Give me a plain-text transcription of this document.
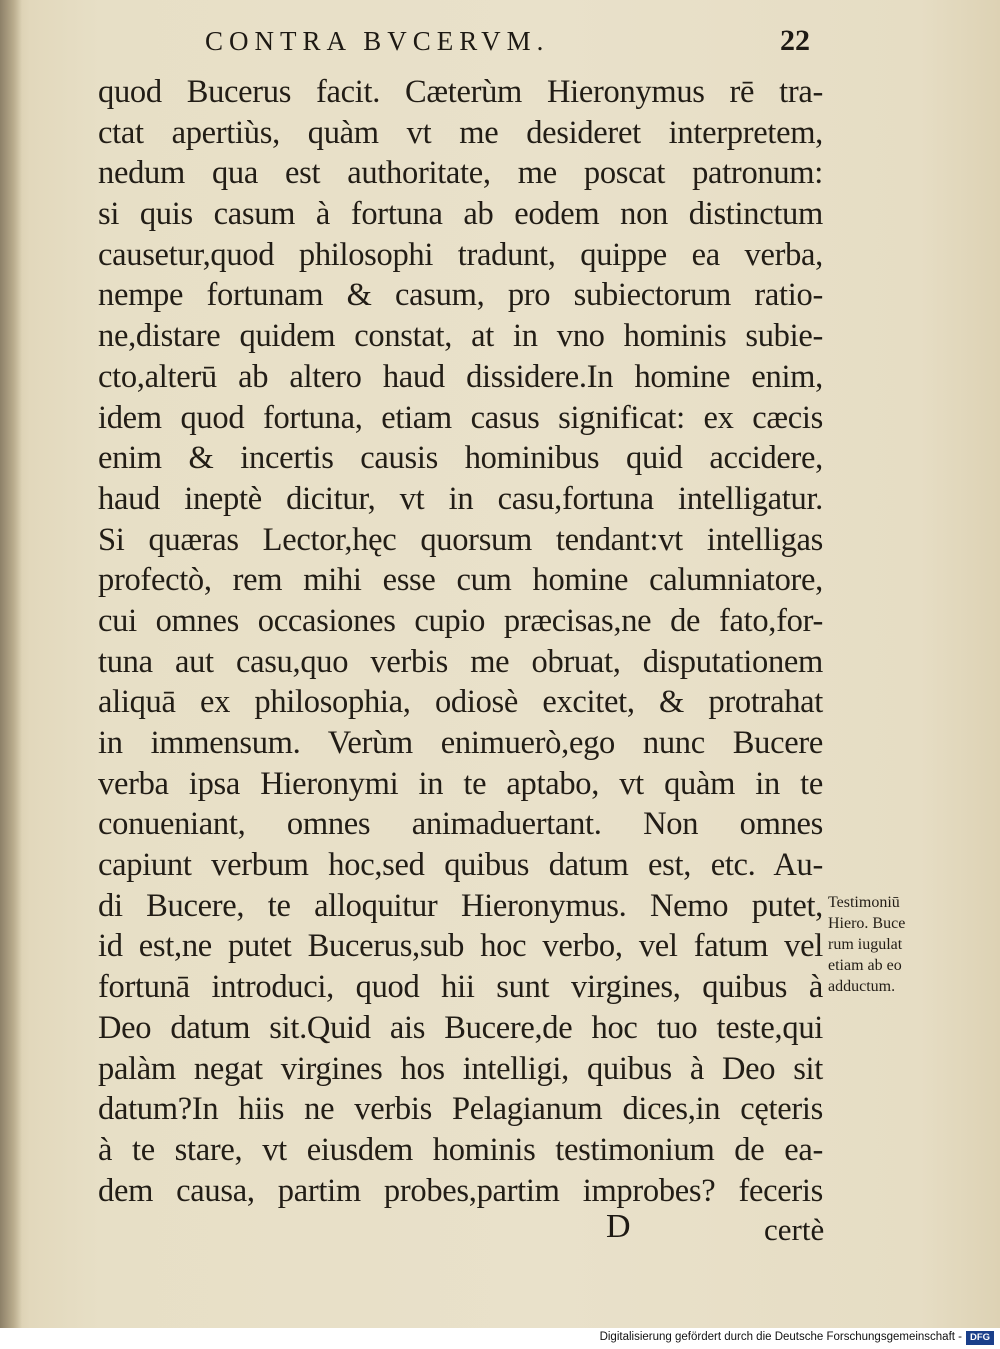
CONTRA BVCERVM.	22
quod Bucerus facit. Cæterùm Hieronymus rē tra-
ctat apertiùs, quàm vt me desideret interpretem,
nedum qua est authoritate, me poscat patronum:
si quis casum à fortuna ab eodem non distinctum
causetur,quod philosophi tradunt, quippe ea verba,
nempe fortunam & casum, pro subiectorum ratio-
ne,distare quidem constat, at in vno hominis subie-
cto,alterū ab altero haud dissidere.In homine enim,
idem quod fortuna, etiam casus significat: ex cæcis
enim & incertis causis hominibus quid accidere,
haud ineptè dicitur, vt in casu,fortuna intelligatur.
Si quæras Lector,hęc quorsum tendant:vt intelligas
profectò, rem mihi esse cum homine calumniatore,
cui omnes occasiones cupio præcisas,ne de fato,for-
tuna aut casu,quo verbis me obruat, disputationem
aliquā ex philosophia, odiosè excitet, & protrahat
in immensum. Verùm enimuerò,ego nunc Bucere
verba ipsa Hieronymi in te aptabo, vt quàm in te
conueniant, omnes animaduertant. Non omnes
capiunt verbum hoc,sed quibus datum est, etc. Au-
di Bucere, te alloquitur Hieronymus. Nemo putet,
id est,ne putet Bucerus,sub hoc verbo, vel fatum vel
fortunā introduci, quod hii sunt virgines, quibus à
Deo datum sit.Quid ais Bucere,de hoc tuo teste,qui
palàm negat virgines hos intelligi, quibus à Deo sit
datum?In hiis ne verbis Pelagianum dices,in cęteris
à te stare, vt eiusdem hominis testimonium de ea-
dem causa, partim probes,partim improbes? feceris
Testimoniū
Hiero. Buce
rum iugulat
etiam ab eo
adductum.
D	certè
Digitalisierung gefördert durch die Deutsche Forschungsgemeinschaft - DFG
